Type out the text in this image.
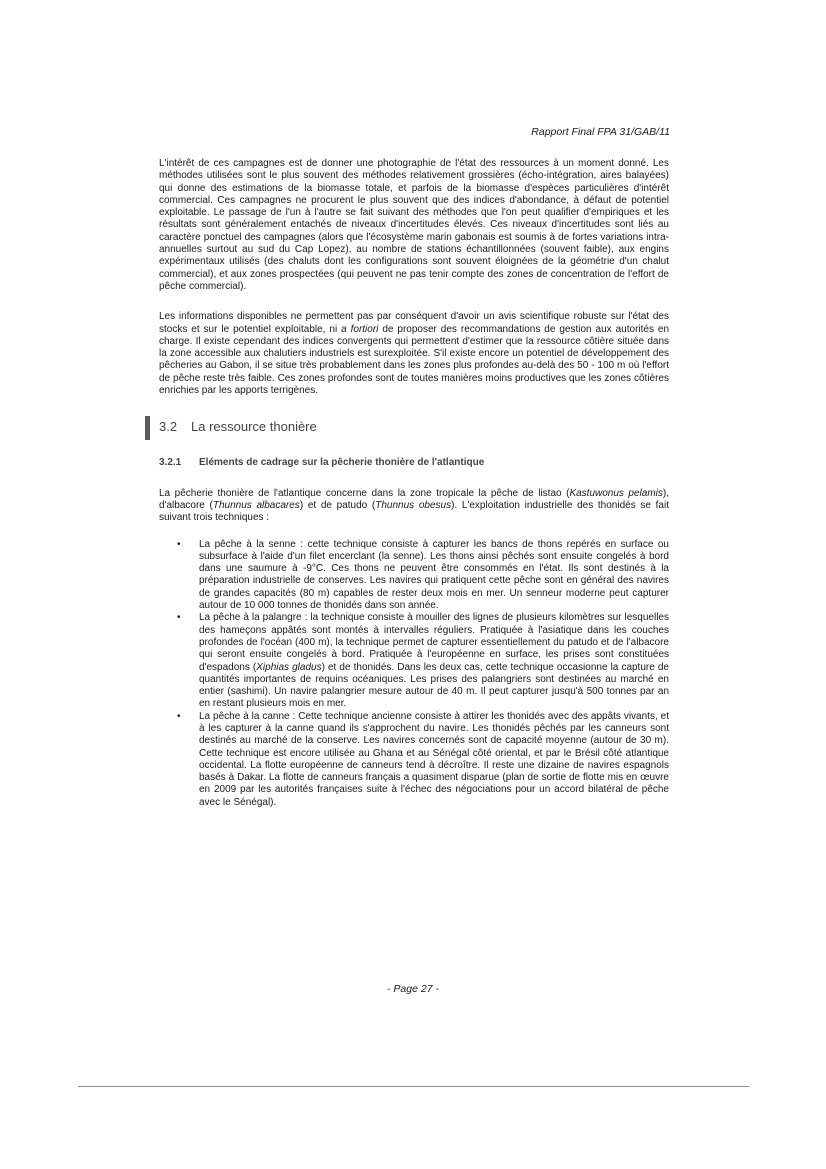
Rapport Final FPA 31/GAB/11

L'intérêt de ces campagnes est de donner une photographie de l'état des ressources à un moment donné. Les méthodes utilisées sont le plus souvent des méthodes relativement grossières (écho-intégration, aires balayées) qui donne des estimations de la biomasse totale, et parfois de la biomasse d'espèces particulières d'intérêt commercial. Ces campagnes ne procurent le plus souvent que des indices d'abondance, à défaut de potentiel exploitable. Le passage de l'un à l'autre se fait suivant des méthodes que l'on peut qualifier d'empiriques et les résultats sont généralement entachés de niveaux d'incertitudes élevés. Ces niveaux d'incertitudes sont liés au caractère ponctuel des campagnes (alors que l'écosystème marin gabonais est soumis à de fortes variations intra-annuelles surtout au sud du Cap Lopez), au nombre de stations échantillonnées (souvent faible), aux engins expérimentaux utilisés (des chaluts dont les configurations sont souvent éloignées de la géométrie d'un chalut commercial), et aux zones prospectées (qui peuvent ne pas tenir compte des zones de concentration de l'effort de pêche commercial).

Les informations disponibles ne permettent pas par conséquent d'avoir un avis scientifique robuste sur l'état des stocks et sur le potentiel exploitable, ni a fortiori de proposer des recommandations de gestion aux autorités en charge. Il existe cependant des indices convergents qui permettent d'estimer que la ressource côtière située dans la zone accessible aux chalutiers industriels est surexploitée. S'il existe encore un potentiel de développement des pêcheries au Gabon, il se situe très probablement dans les zones plus profondes au-delà des 50 - 100 m où l'effort de pêche reste très faible. Ces zones profondes sont de toutes manières moins productives que les zones côtières enrichies par les apports terrigènes.

3.2 La ressource thonière
3.2.1 Eléments de cadrage sur la pêcherie thonière de l'atlantique

La pêcherie thonière de l'atlantique concerne dans la zone tropicale la pêche de listao (Kastuwonus pelamis), d'albacore (Thunnus albacares) et de patudo (Thunnus obesus). L'exploitation industrielle des thonidés se fait suivant trois techniques :

• La pêche à la senne : cette technique consiste à capturer les bancs de thons repérés en surface ou subsurface à l'aide d'un filet encerclant (la senne). Les thons ainsi pêchés sont ensuite congelés à bord dans une saumure à -9°C. Ces thons ne peuvent être consommés en l'état. Ils sont destinés à la préparation industrielle de conserves. Les navires qui pratiquent cette pêche sont en général des navires de grandes capacités (80 m) capables de rester deux mois en mer. Un senneur moderne peut capturer autour de 10 000 tonnes de thonidés dans son année.
• La pêche à la palangre : la technique consiste à mouiller des lignes de plusieurs kilomètres sur lesquelles des hameçons appâtés sont montés à intervalles réguliers. Pratiquée à l'asiatique dans les couches profondes de l'océan (400 m), la technique permet de capturer essentiellement du patudo et de l'albacore qui seront ensuite congelés à bord. Pratiquée à l'européenne en surface, les prises sont constituées d'espadons (Xiphias gladus) et de thonidés. Dans les deux cas, cette technique occasionne la capture de quantités importantes de requins océaniques. Les prises des palangriers sont destinées au marché en entier (sashimi). Un navire palangrier mesure autour de 40 m. Il peut capturer jusqu'à 500 tonnes par an en restant plusieurs mois en mer.
• La pêche à la canne : Cette technique ancienne consiste à attirer les thonidés avec des appâts vivants, et à les capturer à la canne quand ils s'approchent du navire. Les thonidés pêchés par les canneurs sont destinés au marché de la conserve. Les navires concernés sont de capacité moyenne (autour de 30 m). Cette technique est encore utilisée au Ghana et au Sénégal côté oriental, et par le Brésil côté atlantique occidental. La flotte européenne de canneurs tend à décroître. Il reste une dizaine de navires espagnols basés à Dakar. La flotte de canneurs français a quasiment disparue (plan de sortie de flotte mis en œuvre en 2009 par les autorités françaises suite à l'échec des négociations pour un accord bilatéral de pêche avec le Sénégal).
- Page 27 -
